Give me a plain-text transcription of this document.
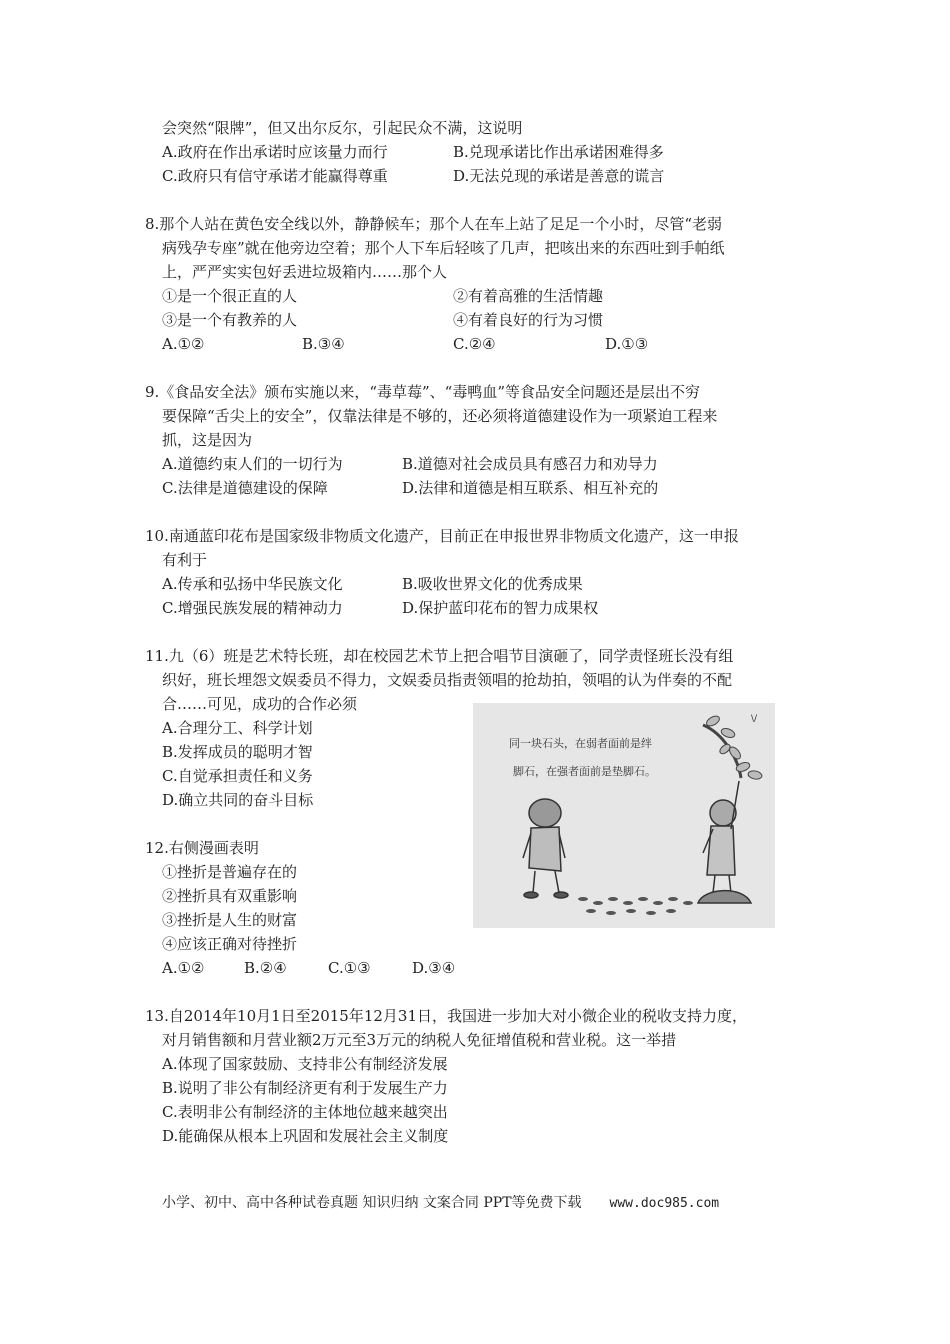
会突然“限牌”，但又出尔反尔，引起民众不满，这说明
A.政府在作出承诺时应该量力而行	B.兑现承诺比作出承诺困难得多
C.政府只有信守承诺才能赢得尊重	D.无法兑现的承诺是善意的谎言
8.那个人站在黄色安全线以外，静静候车；那个人在车上站了足足一个小时，尽管“老弱
病残孕专座”就在他旁边空着；那个人下车后轻咳了几声，把咳出来的东西吐到手帕纸
上，严严实实包好丢进垃圾箱内……那个人
①是一个很正直的人	②有着高雅的生活情趣
③是一个有教养的人	④有着良好的行为习惯
A.①②	B.③④	C.②④	D.①③
9.《食品安全法》颁布实施以来，“毒草莓”、“毒鸭血”等食品安全问题还是层出不穷
要保障“舌尖上的安全”，仅靠法律是不够的，还必须将道德建设作为一项紧迫工程来
抓，这是因为
A.道德约束人们的一切行为	B.道德对社会成员具有感召力和劝导力
C.法律是道德建设的保障	D.法律和道德是相互联系、相互补充的
10.南通蓝印花布是国家级非物质文化遗产，目前正在申报世界非物质文化遗产，这一申报
有利于
A.传承和弘扬中华民族文化	B.吸收世界文化的优秀成果
C.增强民族发展的精神动力	D.保护蓝印花布的智力成果权
11.九（6）班是艺术特长班，却在校园艺术节上把合唱节目演砸了，同学责怪班长没有组
织好，班长埋怨文娱委员不得力，文娱委员指责领唱的抢劫拍，领唱的认为伴奏的不配
合……可见，成功的合作必须
A.合理分工、科学计划
B.发挥成员的聪明才智
C.自觉承担责任和义务
D.确立共同的奋斗目标
同一块石头，在弱者面前是绊
脚石，在强者面前是垫脚石。
\/
12.右侧漫画表明
①挫折是普遍存在的
②挫折具有双重影响
③挫折是人生的财富
④应该正确对待挫折
A.①②	B.②④	C.①③	D.③④
13.自2014年10月1日至2015年12月31日，我国进一步加大对小微企业的税收支持力度，
对月销售额和月营业额2万元至3万元的纳税人免征增值税和营业税。这一举措
A.体现了国家鼓励、支持非公有制经济发展
B.说明了非公有制经济更有利于发展生产力
C.表明非公有制经济的主体地位越来越突出
D.能确保从根本上巩固和发展社会主义制度
小学、初中、高中各种试卷真题 知识归纳 文案合同 PPT等免费下载 www.doc985.com
